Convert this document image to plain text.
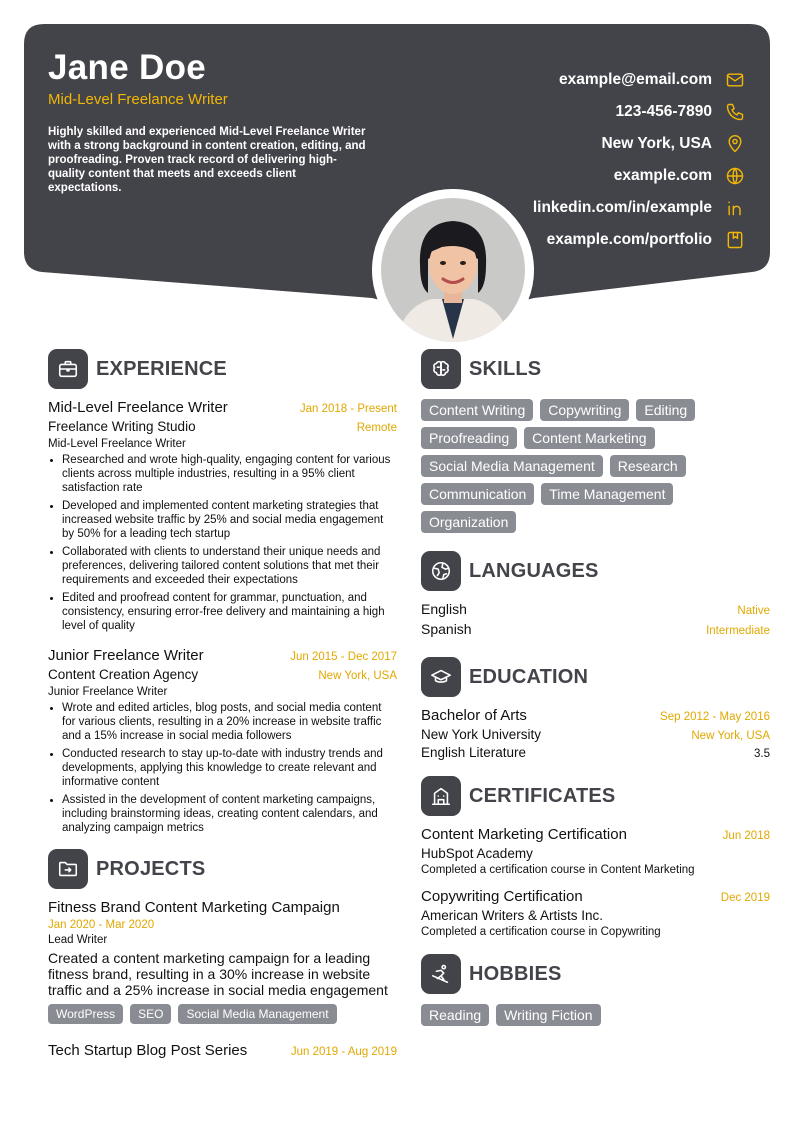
Jane Doe
Mid-Level Freelance Writer
Highly skilled and experienced Mid-Level Freelance Writer with a strong background in content creation, editing, and proofreading. Proven track record of delivering high-quality content that meets and exceeds client expectations.
example@email.com
123-456-7890
New York, USA
example.com
linkedin.com/in/example
example.com/portfolio
EXPERIENCE
Mid-Level Freelance Writer	Jan 2018 - Present
Freelance Writing Studio	Remote
Mid-Level Freelance Writer
Researched and wrote high-quality, engaging content for various clients across multiple industries, resulting in a 95% client satisfaction rate
Developed and implemented content marketing strategies that increased website traffic by 25% and social media engagement by 50% for a leading tech startup
Collaborated with clients to understand their unique needs and preferences, delivering tailored content solutions that met their requirements and exceeded their expectations
Edited and proofread content for grammar, punctuation, and consistency, ensuring error-free delivery and maintaining a high level of quality
Junior Freelance Writer	Jun 2015 - Dec 2017
Content Creation Agency	New York, USA
Junior Freelance Writer
Wrote and edited articles, blog posts, and social media content for various clients, resulting in a 20% increase in website traffic and a 15% increase in social media followers
Conducted research to stay up-to-date with industry trends and developments, applying this knowledge to create relevant and informative content
Assisted in the development of content marketing campaigns, including brainstorming ideas, creating content calendars, and analyzing campaign metrics
PROJECTS
Fitness Brand Content Marketing Campaign
Jan 2020 - Mar 2020
Lead Writer
Created a content marketing campaign for a leading fitness brand, resulting in a 30% increase in website traffic and a 25% increase in social media engagement
WordPress	SEO	Social Media Management
Tech Startup Blog Post Series	Jun 2019 - Aug 2019
SKILLS
Content Writing	Copywriting	Editing
Proofreading	Content Marketing
Social Media Management	Research
Communication	Time Management
Organization
LANGUAGES
English	Native
Spanish	Intermediate
EDUCATION
Bachelor of Arts	Sep 2012 - May 2016
New York University	New York, USA
English Literature	3.5
CERTIFICATES
Content Marketing Certification	Jun 2018
HubSpot Academy
Completed a certification course in Content Marketing
Copywriting Certification	Dec 2019
American Writers & Artists Inc.
Completed a certification course in Copywriting
HOBBIES
Reading	Writing Fiction
